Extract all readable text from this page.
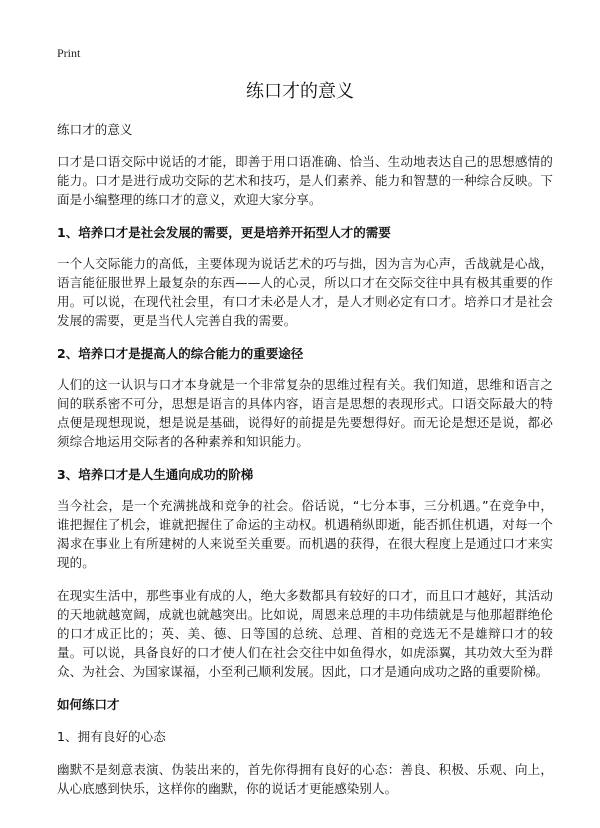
Print
练口才的意义

练口才的意义

口才是口语交际中说话的才能，即善于用口语准确、恰当、生动地表达自己的思想感情的能力。口才是进行成功交际的艺术和技巧，是人们素养、能力和智慧的一种综合反映。下面是小编整理的练口才的意义，欢迎大家分享。

1、培养口才是社会发展的需要，更是培养开拓型人才的需要

一个人交际能力的高低，主要体现为说话艺术的巧与拙，因为言为心声，舌战就是心战，语言能征服世界上最复杂的东西——人的心灵，所以口才在交际交往中具有极其重要的作用。可以说，在现代社会里，有口才未必是人才，是人才则必定有口才。培养口才是社会发展的需要，更是当代人完善自我的需要。

2、培养口才是提高人的综合能力的重要途径

人们的这一认识与口才本身就是一个非常复杂的思维过程有关。我们知道，思维和语言之间的联系密不可分，思想是语言的具体内容，语言是思想的表现形式。口语交际最大的特点便是现想现说，想是说是基础，说得好的前提是先要想得好。而无论是想还是说，都必须综合地运用交际者的各种素养和知识能力。

3、培养口才是人生通向成功的阶梯

当今社会，是一个充满挑战和竞争的社会。俗话说，“七分本事，三分机遇。”在竞争中，谁把握住了机会，谁就把握住了命运的主动权。机遇稍纵即逝，能否抓住机遇，对每一个渴求在事业上有所建树的人来说至关重要。而机遇的获得，在很大程度上是通过口才来实现的。

在现实生活中，那些事业有成的人，绝大多数都具有较好的口才，而且口才越好，其活动的天地就越宽阔，成就也就越突出。比如说，周恩来总理的丰功伟绩就是与他那超群绝伦的口才成正比的；英、美、德、日等国的总统、总理、首相的竞选无不是雄辩口才的较量。可以说，具备良好的口才使人们在社会交往中如鱼得水，如虎添翼，其功效大至为群众、为社会、为国家谋福，小至利己顺利发展。因此，口才是通向成功之路的重要阶梯。

如何练口才

1、拥有良好的心态

幽默不是刻意表演、伪装出来的，首先你得拥有良好的心态：善良、积极、乐观、向上，从心底感到快乐，这样你的幽默，你的说话才更能感染别人。
